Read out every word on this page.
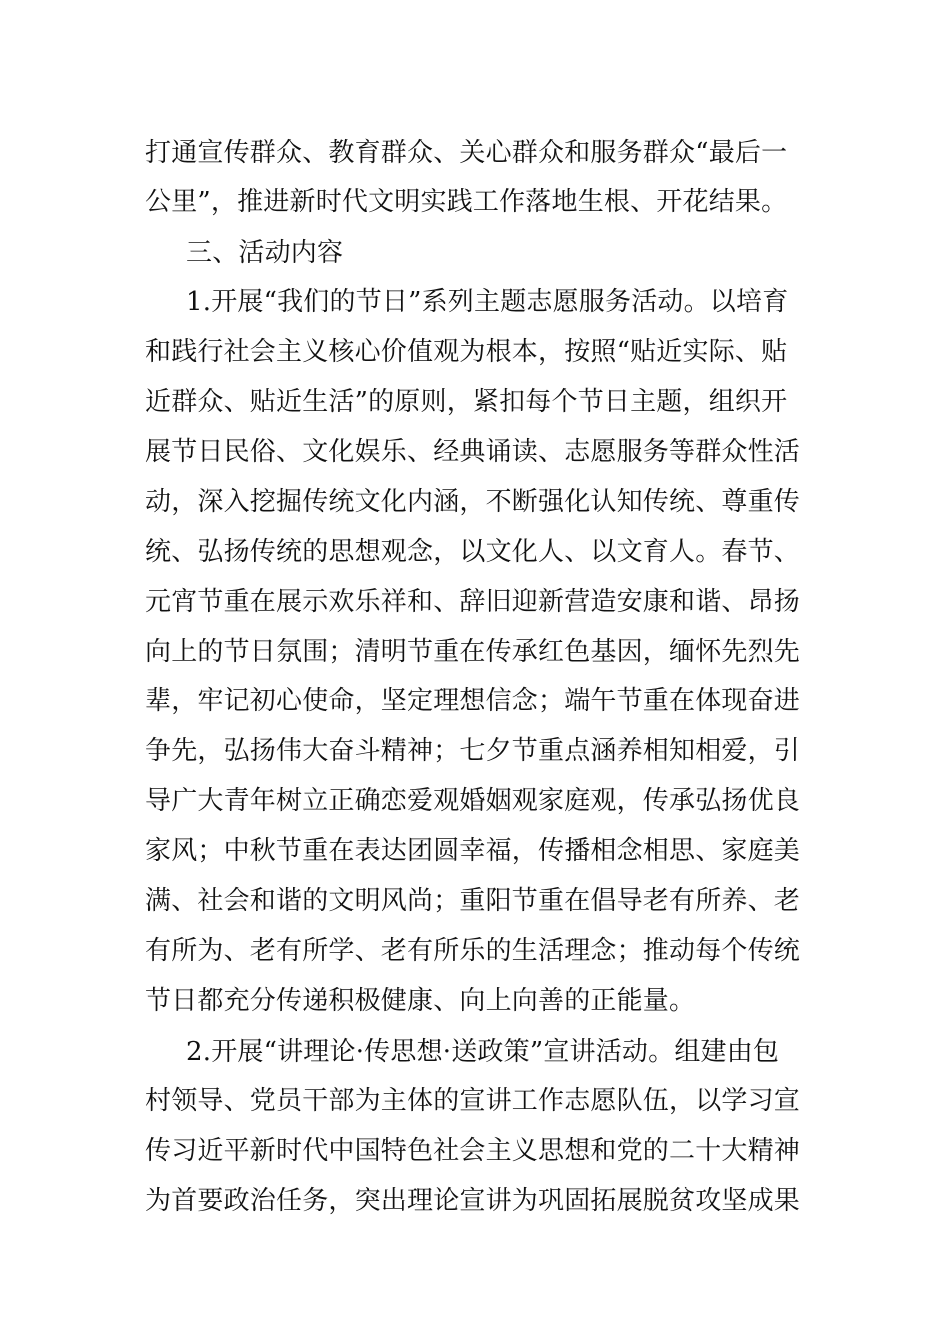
打通宣传群众、教育群众、关心群众和服务群众“最后一
公里”，推进新时代文明实践工作落地生根、开花结果。
三、活动内容
1.开展“我们的节日”系列主题志愿服务活动。以培育
和践行社会主义核心价值观为根本，按照“贴近实际、贴
近群众、贴近生活”的原则，紧扣每个节日主题，组织开
展节日民俗、文化娱乐、经典诵读、志愿服务等群众性活
动，深入挖掘传统文化内涵，不断强化认知传统、尊重传
统、弘扬传统的思想观念，以文化人、以文育人。春节、
元宵节重在展示欢乐祥和、辞旧迎新营造安康和谐、昂扬
向上的节日氛围；清明节重在传承红色基因，缅怀先烈先
辈，牢记初心使命，坚定理想信念；端午节重在体现奋进
争先，弘扬伟大奋斗精神；七夕节重点涵养相知相爱，引
导广大青年树立正确恋爱观婚姻观家庭观，传承弘扬优良
家风；中秋节重在表达团圆幸福，传播相念相思、家庭美
满、社会和谐的文明风尚；重阳节重在倡导老有所养、老
有所为、老有所学、老有所乐的生活理念；推动每个传统
节日都充分传递积极健康、向上向善的正能量。
2.开展“讲理论·传思想·送政策”宣讲活动。组建由包
村领导、党员干部为主体的宣讲工作志愿队伍，以学习宣
传习近平新时代中国特色社会主义思想和党的二十大精神
为首要政治任务，突出理论宣讲为巩固拓展脱贫攻坚成果
